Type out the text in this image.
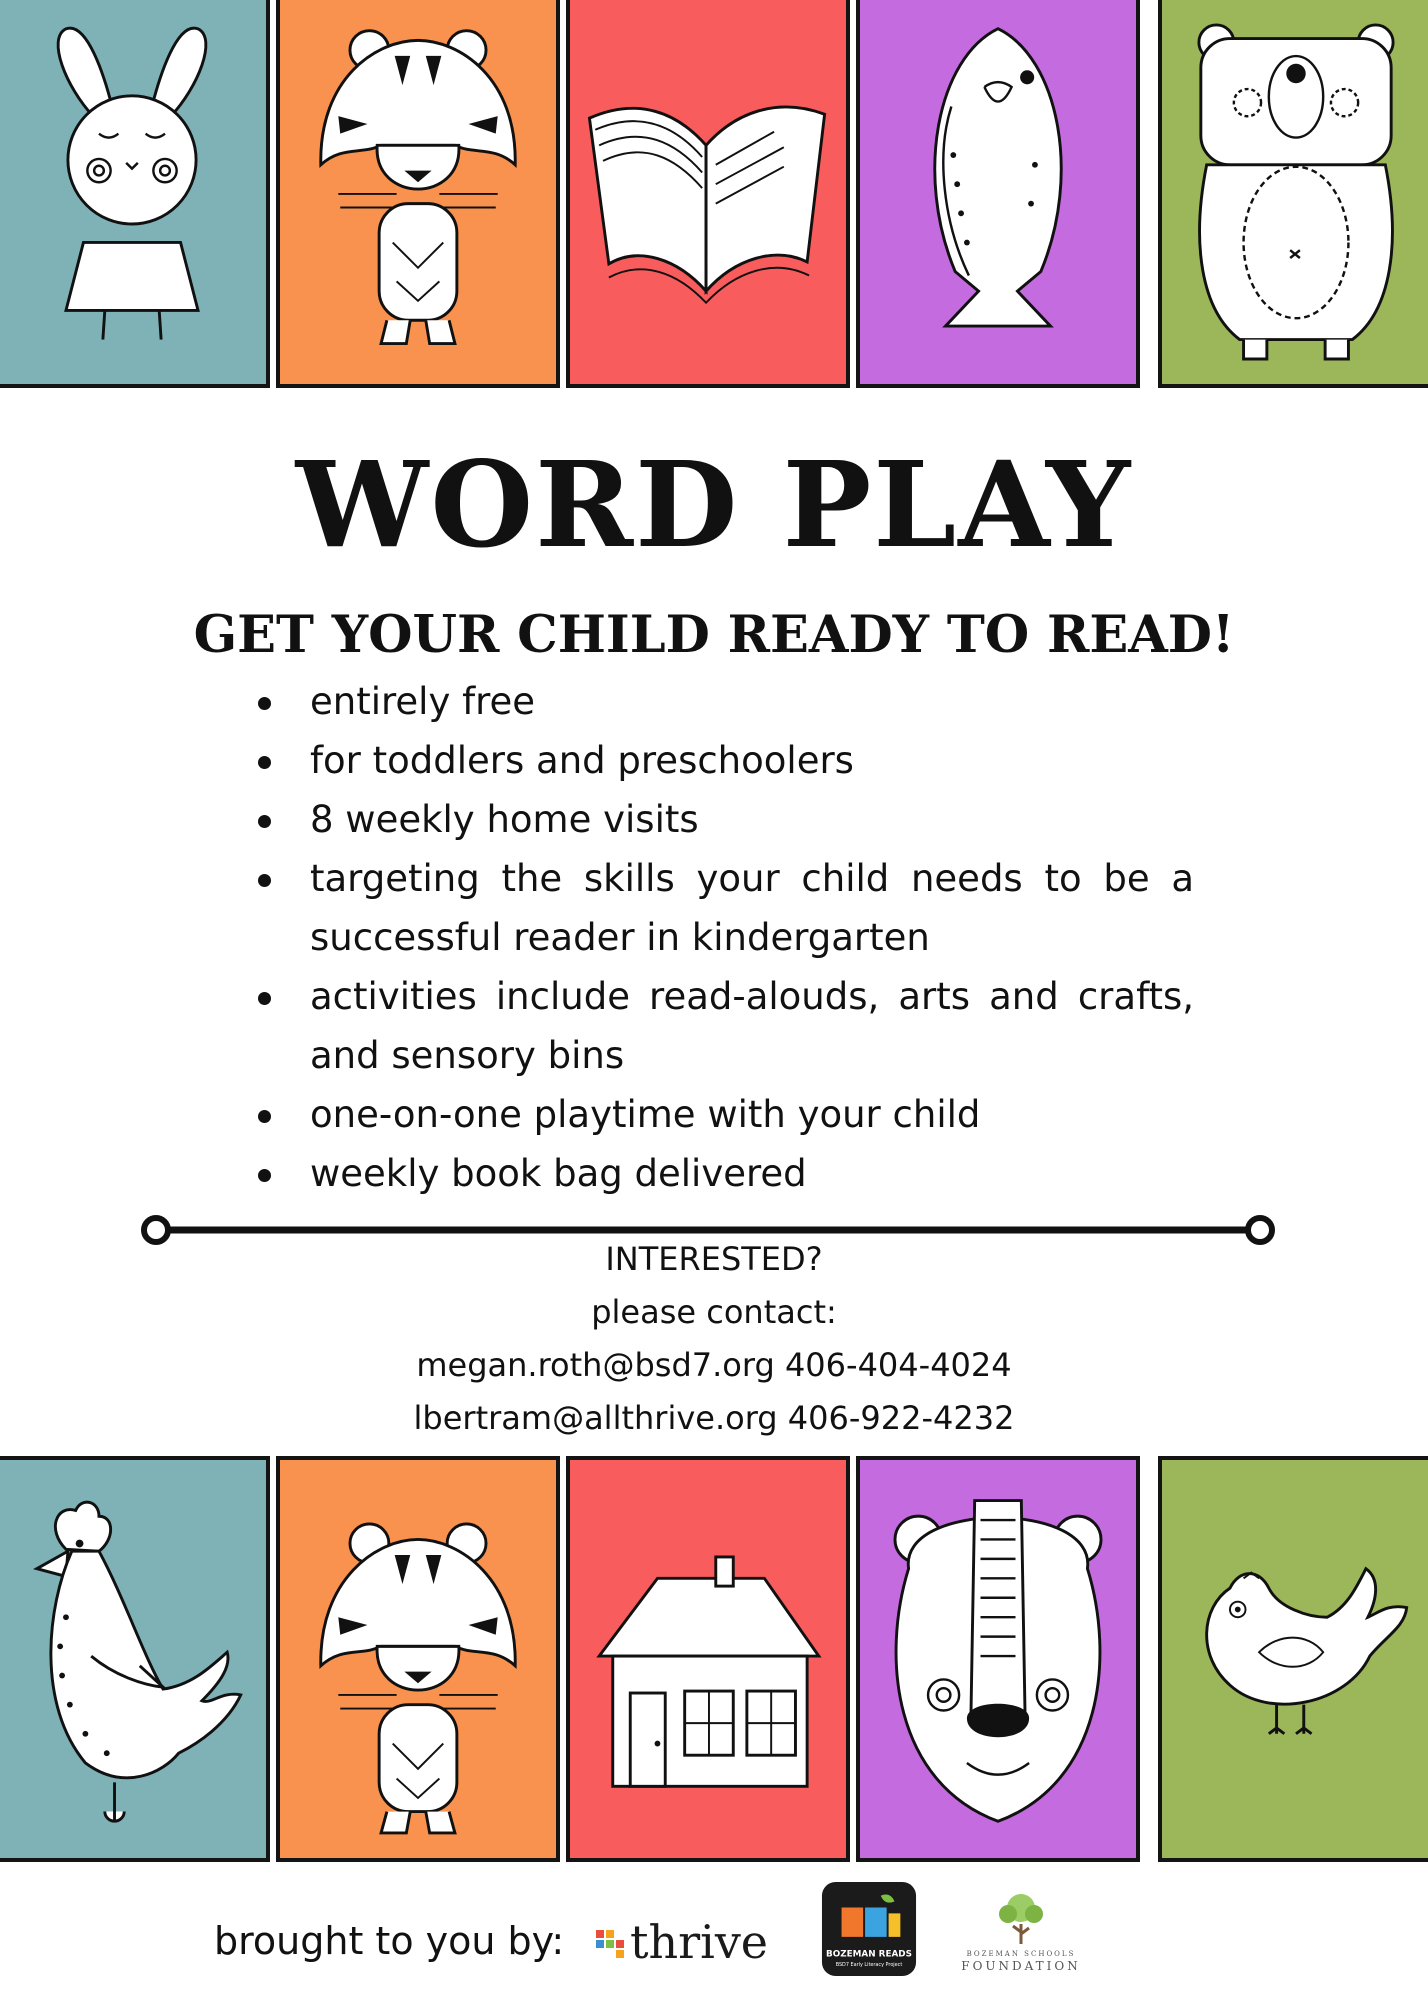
WORD PLAY
GET YOUR CHILD READY TO READ!
entirely free
for toddlers and preschoolers
8 weekly home visits
targeting the skills your child needs to be a successful reader in kindergarten
activities include read-alouds, arts and crafts, and sensory bins
one-on-one playtime with your child
weekly book bag delivered
INTERESTED?
please contact:
megan.roth@bsd7.org 406-404-4024
lbertram@allthrive.org 406-922-4232
brought to you by: thrive	BOZEMAN READS
BSD7 Early Literacy Project
BOZEMAN SCHOOLS
FOUNDATION
